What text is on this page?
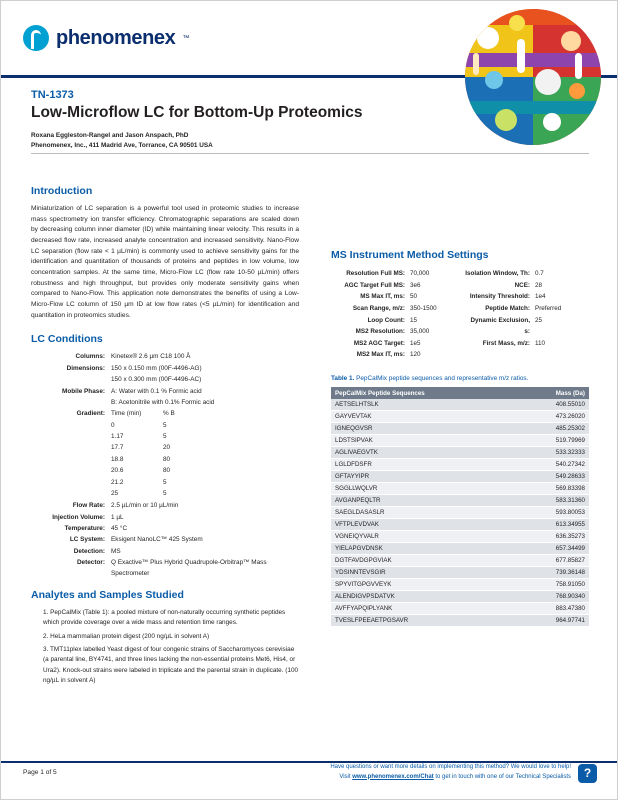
phenomenex ™
TN-1373
Low-Microflow LC for Bottom-Up Proteomics
Roxana Eggleston-Rangel and Jason Anspach, PhD
Phenomenex, Inc., 411 Madrid Ave, Torrance, CA 90501 USA
Introduction

Miniaturization of LC separation is a powerful tool used in proteomic studies to increase mass spectrometry ion transfer efficiency. Chromatographic separations are scaled down by decreasing column inner diameter (ID) while maintaining linear velocity. This results in a decreased flow rate, increased analyte concentration and increased sensitivity. Nano-Flow LC separation (flow rate < 1 µL/min) is commonly used to achieve sensitivity gains for the identification and quantitation of thousands of proteins and peptides in low volume, low concentration samples. At the same time, Micro-Flow LC (flow rate 10-50 µL/min) offers robustness and high throughput, but provides only moderate sensitivity gains when compared to Nano-Flow. This application note demonstrates the benefits of using a Low-Micro-Flow LC column of 150 µm ID at low flow rates (<5 µL/min) for identification and quantitation in proteomics studies.

LC Conditions
Columns: Kinetex® 2.6 µm C18 100 Å
Dimensions: 150 x 0.150 mm (00F-4496-AG)
150 x 0.300 mm (00F-4496-AC)
Mobile Phase: A: Water with 0.1 % Formic acid
B: Acetonitrile with 0.1% Formic acid
Gradient: Time (min)	% B
0	5
1.17	5
17.7	20
18.8	80
20.6	80
21.2	5
25	5
Flow Rate: 2.5 µL/min or 10 µL/min
Injection Volume: 1 µL
Temperature: 45 °C
LC System: Eksigent NanoLC™ 425 System
Detection: MS
Detector: Q Exactive™ Plus Hybrid Quadrupole-Orbitrap™ Mass Spectrometer
Analytes and Samples Studied
1. PepCalMix (Table 1): a pooled mixture of non-naturally occurring synthetic peptides which provide coverage over a wide mass and retention time ranges.
2. HeLa mammalian protein digest (200 ng/µL in solvent A)
3. TMT11plex labelled Yeast digest of four congenic strains of Saccharomyces cerevisiae (a parental line, BY4741, and three lines lacking the non-essential proteins Met6, His4, or Ura2). Knock-out strains were labeled in triplicate and the parental strain in duplicate. (100 ng/µL in solvent A)
MS Instrument Method Settings
Resolution Full MS: 70,000
AGC Target Full MS: 3e6
MS Max IT, ms: 50
Scan Range, m/z: 350-1500
Loop Count: 15
MS2 Resolution: 35,000
MS2 AGC Target: 1e5
MS2 Max IT, ms: 120
Isolation Window, Th: 0.7
NCE: 28
Intensity Threshold: 1e4
Peptide Match: Preferred
Dynamic Exclusion, s:
25
First Mass, m/z: 110
Table 1. PepCalMix peptide sequences and representative m/z ratios.
PepCalMix Peptide Sequences	Mass (Da)
AETSELHTSLK	408.55010
GAYVEVTAK	473.26020
IGNEQGVSR	485.25302
LDSTSIPVAK	519.79969
AGLIVAEGVTK	533.32333
LGLDFDSFR	540.27342
GFTAYYIPR	549.28633
SGGLLWQLVR	569.83398
AVGANPEQLTR	583.31360
SAEGLDASASLR	593.80053
VFTPLEVDVAK	613.34955
VGNEIQYVALR	636.35273
YIELAPGVDNSK	657.34499
DGTFAVDGPGVIAK	677.85827
YDSINNTEVSGIR	739.36148
SPYVITGPGVVEYK	758.91050
ALENDIGVPSDATVK	768.90340
AVFFYAPQIPLYANK	883.47380
TVESLFPEEAETPGSAVR	964.97741
Page 1 of 5
Have questions or want more details on implementing this method? We would love to help!
Visit www.phenomenex.com/Chat to get in touch with one of our Technical Specialists	?
